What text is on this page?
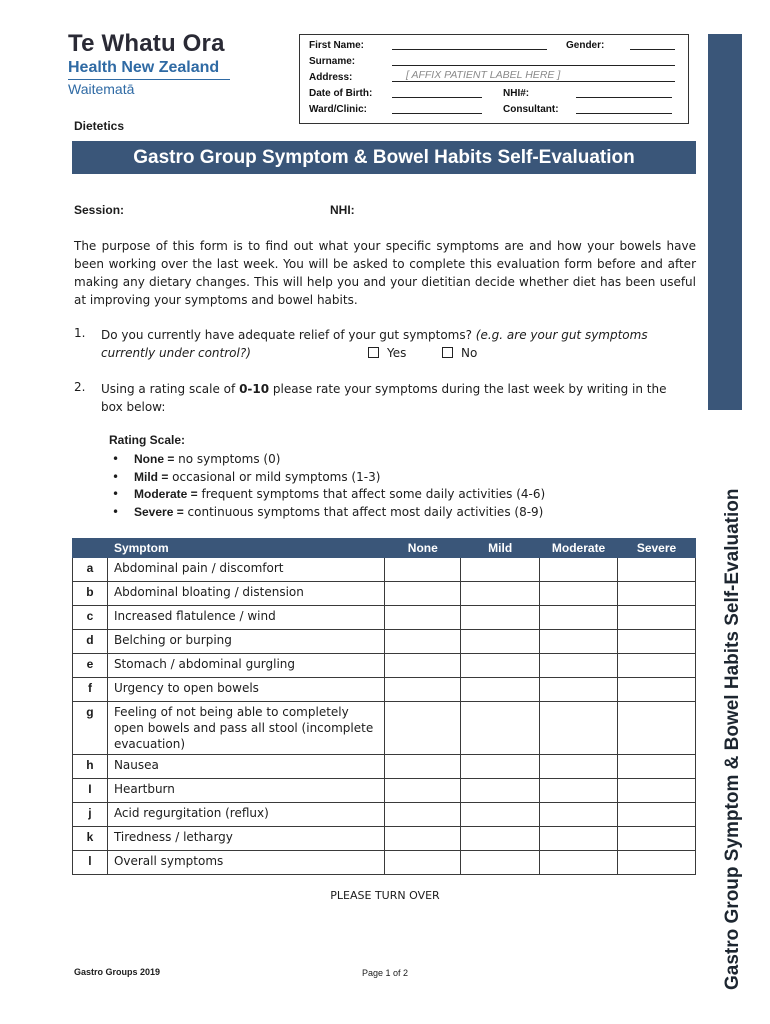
Te Whatu Ora
Health New Zealand
Waitematā
First Name:	Gender:
Surname:
Address:	[ AFFIX PATIENT LABEL HERE ]
Date of Birth:	NHI#:
Ward/Clinic:	Consultant:
Dietetics
Gastro Group Symptom & Bowel Habits Self-Evaluation
Session:	NHI:
The purpose of this form is to find out what your specific symptoms are and how your bowels have been working over the last week. You will be asked to complete this evaluation form before and after making any dietary changes. This will help you and your dietitian decide whether diet has been useful at improving your symptoms and bowel habits.
1. Do you currently have adequate relief of your gut symptoms? (e.g. are your gut symptoms currently under control?)	Yes	No
2. Using a rating scale of 0-10 please rate your symptoms during the last week by writing in the box below:
Rating Scale:
• None = no symptoms (0)
• Mild = occasional or mild symptoms (1-3)
• Moderate = frequent symptoms that affect some daily activities (4-6)
• Severe = continuous symptoms that affect most daily activities (8-9)
	Symptom	None	Mild	Moderate	Severe
a	Abdominal pain / discomfort				
b	Abdominal bloating / distension				
c	Increased flatulence / wind				
d	Belching or burping				
e	Stomach / abdominal gurgling				
f	Urgency to open bowels				
g	Feeling of not being able to completely open bowels and pass all stool (incomplete evacuation)				
h	Nausea				
I	Heartburn				
j	Acid regurgitation (reflux)				
k	Tiredness / lethargy				
l	Overall symptoms				
PLEASE TURN OVER
Gastro Groups 2019	Page 1 of 2	Gastro Group Symptom & Bowel Habits Self-Evaluation
